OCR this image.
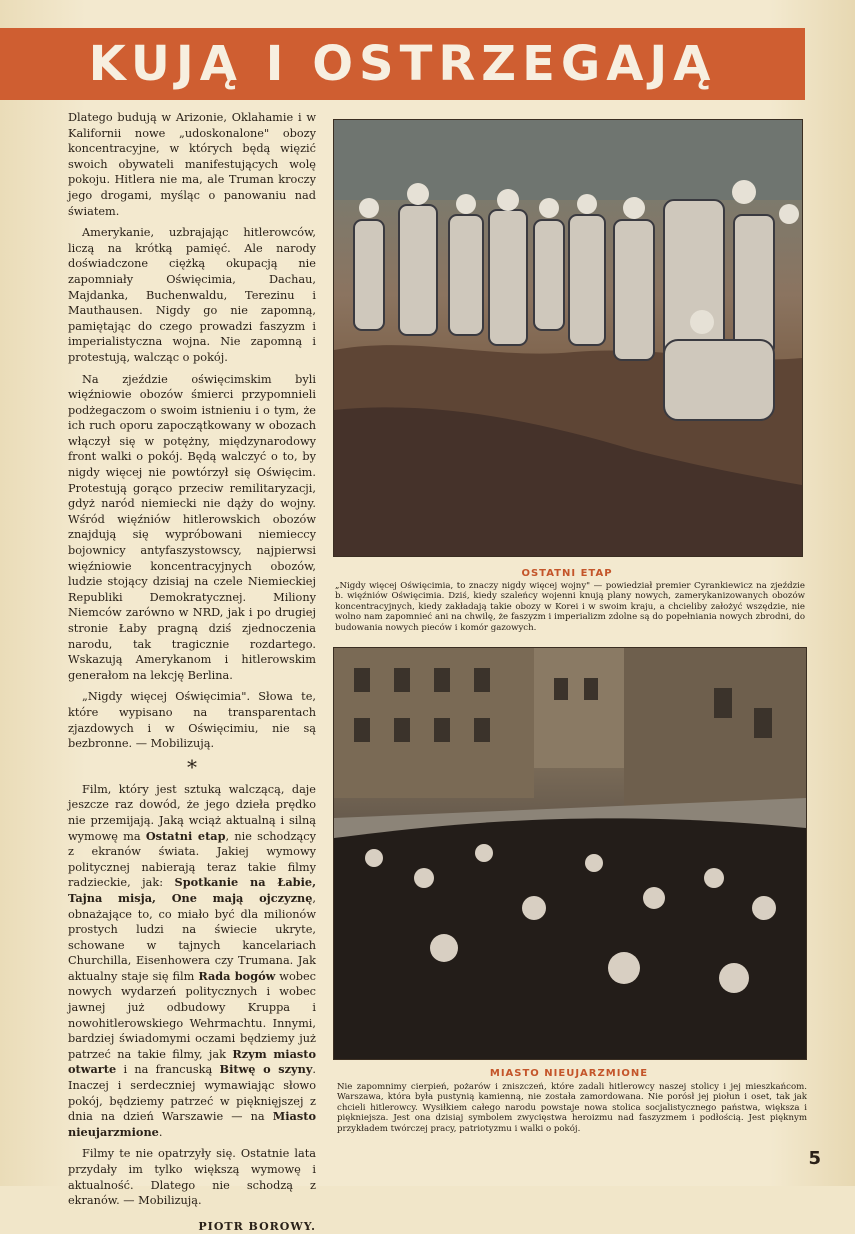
KUJĄ I OSTRZEGAJĄ

Dlatego budują w Arizonie, Oklahamie i w Kalifornii nowe „udoskonalone" obozy koncentracyjne, w których będą więzić swoich obywateli manifestujących wolę pokoju. Hitlera nie ma, ale Truman kroczy jego drogami, myśląc o panowaniu nad światem.

Amerykanie, uzbrajając hitlerowców, liczą na krótką pamięć. Ale narody doświadczone ciężką okupacją nie zapomniały Oświęcimia, Dachau, Majdanka, Buchenwaldu, Terezinu i Mauthausen. Nigdy go nie zapomną, pamiętając do czego prowadzi faszyzm i imperialistyczna wojna. Nie zapomną i protestują, walcząc o pokój.

Na zjeździe oświęcimskim byli więźniowie obozów śmierci przypomnieli podżegaczom o swoim istnieniu i o tym, że ich ruch oporu zapoczątkowany w obozach włączył się w potężny, międzynarodowy front walki o pokój. Będą walczyć o to, by nigdy więcej nie powtórzył się Oświęcim. Protestują gorąco przeciw remilitaryzacji, gdyż naród niemiecki nie dąży do wojny. Wśród więźniów hitlerowskich obozów znajdują się wypróbowani niemieccy bojownicy antyfaszystowscy, najpierwsi więźniowie koncentracyjnych obozów, ludzie stojący dzisiaj na czele Niemieckiej Republiki Demokratycznej. Miliony Niemców zarówno w NRD, jak i po drugiej stronie Łaby pragną dziś zjednoczenia narodu, tak tragicznie rozdartego. Wskazują Amerykanom i hitlerowskim generałom na lekcję Berlina.

„Nigdy więcej Oświęcimia". Słowa te, które wypisano na transparentach zjazdowych i w Oświęcimiu, nie są bezbronne. — Mobilizują.

*

Film, który jest sztuką walczącą, daje jeszcze raz dowód, że jego dzieła prędko nie przemijają. Jaką wciąż aktualną i silną wymowę ma Ostatni etap, nie schodzący z ekranów świata. Jakiej wymowy politycznej nabierają teraz takie filmy radzieckie, jak: Spotkanie na Łabie, Tajna misja, One mają ojczyznę, obnażające to, co miało być dla milionów prostych ludzi na świecie ukryte, schowane w tajnych kancelariach Churchilla, Eisenhowera czy Trumana. Jak aktualny staje się film Rada bogów wobec nowych wydarzeń politycznych i wobec jawnej już odbudowy Kruppa i nowohitlerowskiego Wehrmachtu. Innymi, bardziej świadomymi oczami będziemy już patrzeć na takie filmy, jak Rzym miasto otwarte i na francuską Bitwę o szyny. Inaczej i serdeczniej wymawiając słowo pokój, będziemy patrzeć w pięknięjszej z dnia na dzień Warszawie — na Miasto nieujarzmione.

Filmy te nie opatrzyły się. Ostatnie lata przydały im tylko większą wymowę i aktualność. Dlatego nie schodzą z ekranów. — Mobilizują.

PIOTR BOROWY.
OSTATNI ETAP
„Nigdy więcej Oświęcimia, to znaczy nigdy więcej wojny" — powiedział premier Cyrankiewicz na zjeździe b. więźniów Oświęcimia. Dziś, kiedy szaleńcy wojenni knują plany nowych, zamerykanizowanych obozów koncentracyjnych, kiedy zakładają takie obozy w Korei i w swoim kraju, a chcieliby założyć wszędzie, nie wolno nam zapomnieć ani na chwilę, że faszyzm i imperializm zdolne są do popełniania nowych zbrodni, do budowania nowych pieców i komór gazowych.
MIASTO NIEUJARZMIONE
Nie zapomnimy cierpień, pożarów i zniszczeń, które zadali hitlerowcy naszej stolicy i jej mieszkańcom. Warszawa, która była pustynią kamienną, nie została zamordowana. Nie porósł jej piołun i oset, tak jak chcieli hitlerowcy. Wysiłkiem całego narodu powstaje nowa stolica socjalistycznego państwa, większa i piękniejsza. Jest ona dzisiaj symbolem zwycięstwa heroizmu nad faszyzmem i podłością. Jest pięknym przykładem twórczej pracy, patriotyzmu i walki o pokój.
5
